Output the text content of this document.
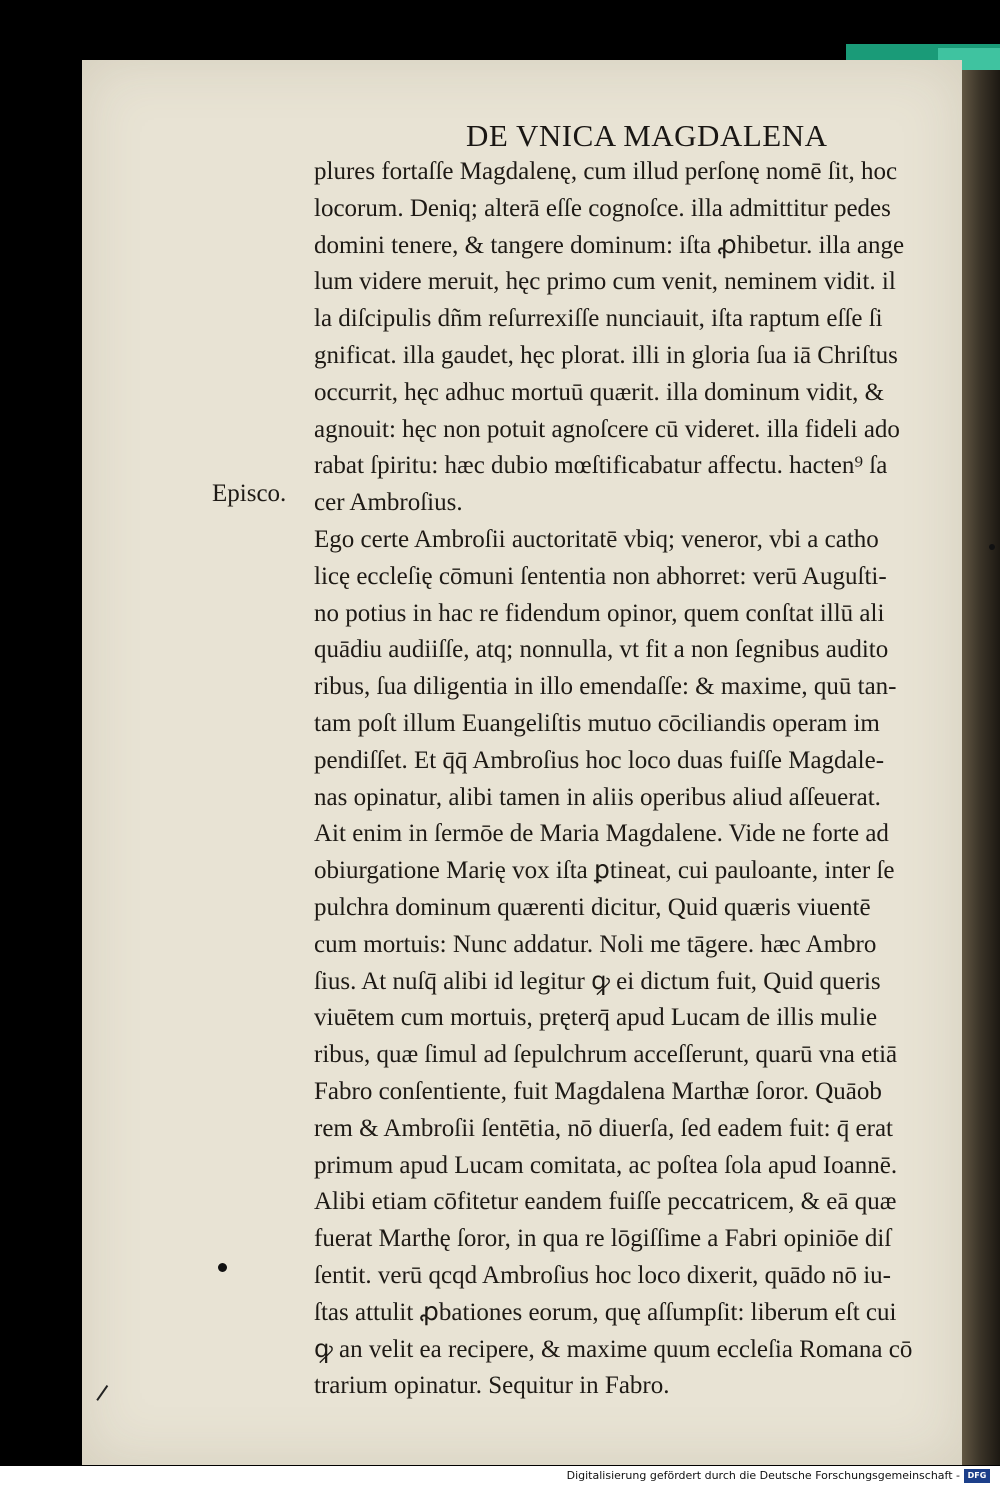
DE VNICA MAGDALENA
Episco.
plures fortaſſe Magdalenę, cum illud perſonę nomē ſit, hoc
locorum. Deniq; alterā eſſe cognoſce. illa admittitur pedes
domini tenere, & tangere dominum: iſta ꝓhibetur. illa ange
lum videre meruit, hęc primo cum venit, neminem vidit. il
la diſcipulis dñm reſurrexiſſe nunciauit, iſta raptum eſſe ſi
gnificat. illa gaudet, hęc plorat. illi in gloria ſua iā Chriſtus
occurrit, hęc adhuc mortuū quærit. illa dominum vidit, &
agnouit: hęc non potuit agnoſcere cū videret. illa fideli ado
rabat ſpiritu: hæc dubio mœſtificabatur affectu. hacten⁹ ſa
cer Ambroſius.
Ego certe Ambroſii auctoritatē vbiq; veneror, vbi a catho
licę eccleſię cōmuni ſententia non abhorret: verū Auguſti-
no potius in hac re fidendum opinor, quem conſtat illū ali
quādiu audiiſſe, atq; nonnulla, vt fit a non ſegnibus audito
ribus, ſua diligentia in illo emendaſſe: & maxime, quū tan-
tam poſt illum Euangeliſtis mutuo cōciliandis operam im
pendiſſet. Et q̄q̄ Ambroſius hoc loco duas fuiſſe Magdale-
nas opinatur, alibi tamen in aliis operibus aliud aſſeuerat.
Ait enim in ſermōe de Maria Magdalene. Vide ne forte ad
obiurgatione Marię vox iſta ꝑtineat, cui pauloante, inter ſe
pulchra dominum quærenti dicitur, Quid quæris viuentē
cum mortuis: Nunc addatur. Noli me tāgere. hæc Ambro
ſius. At nuſq̄ alibi id legitur ꝙ ei dictum fuit, Quid queris
viuētem cum mortuis, pręterq̄ apud Lucam de illis mulie
ribus, quæ ſimul ad ſepulchrum acceſſerunt, quarū vna etiā
Fabro conſentiente, fuit Magdalena Marthæ ſoror. Quāob
rem & Ambroſii ſentētia, nō diuerſa, ſed eadem fuit: q̄ erat
primum apud Lucam comitata, ac poſtea ſola apud Ioannē.
Alibi etiam cōfitetur eandem fuiſſe peccatricem, & eā quæ
fuerat Marthę ſoror, in qua re lōgiſſime a Fabri opiniōe diſ
ſentit. verū qcqd Ambroſius hoc loco dixerit, quādo nō iu-
ſtas attulit ꝓbationes eorum, quę aſſumpſit: liberum eſt cui
ꝙ an velit ea recipere, & maxime quum eccleſia Romana cō
trarium opinatur. Sequitur in Fabro.
Digitalisierung gefördert durch die Deutsche Forschungsgemeinschaft - DFG
